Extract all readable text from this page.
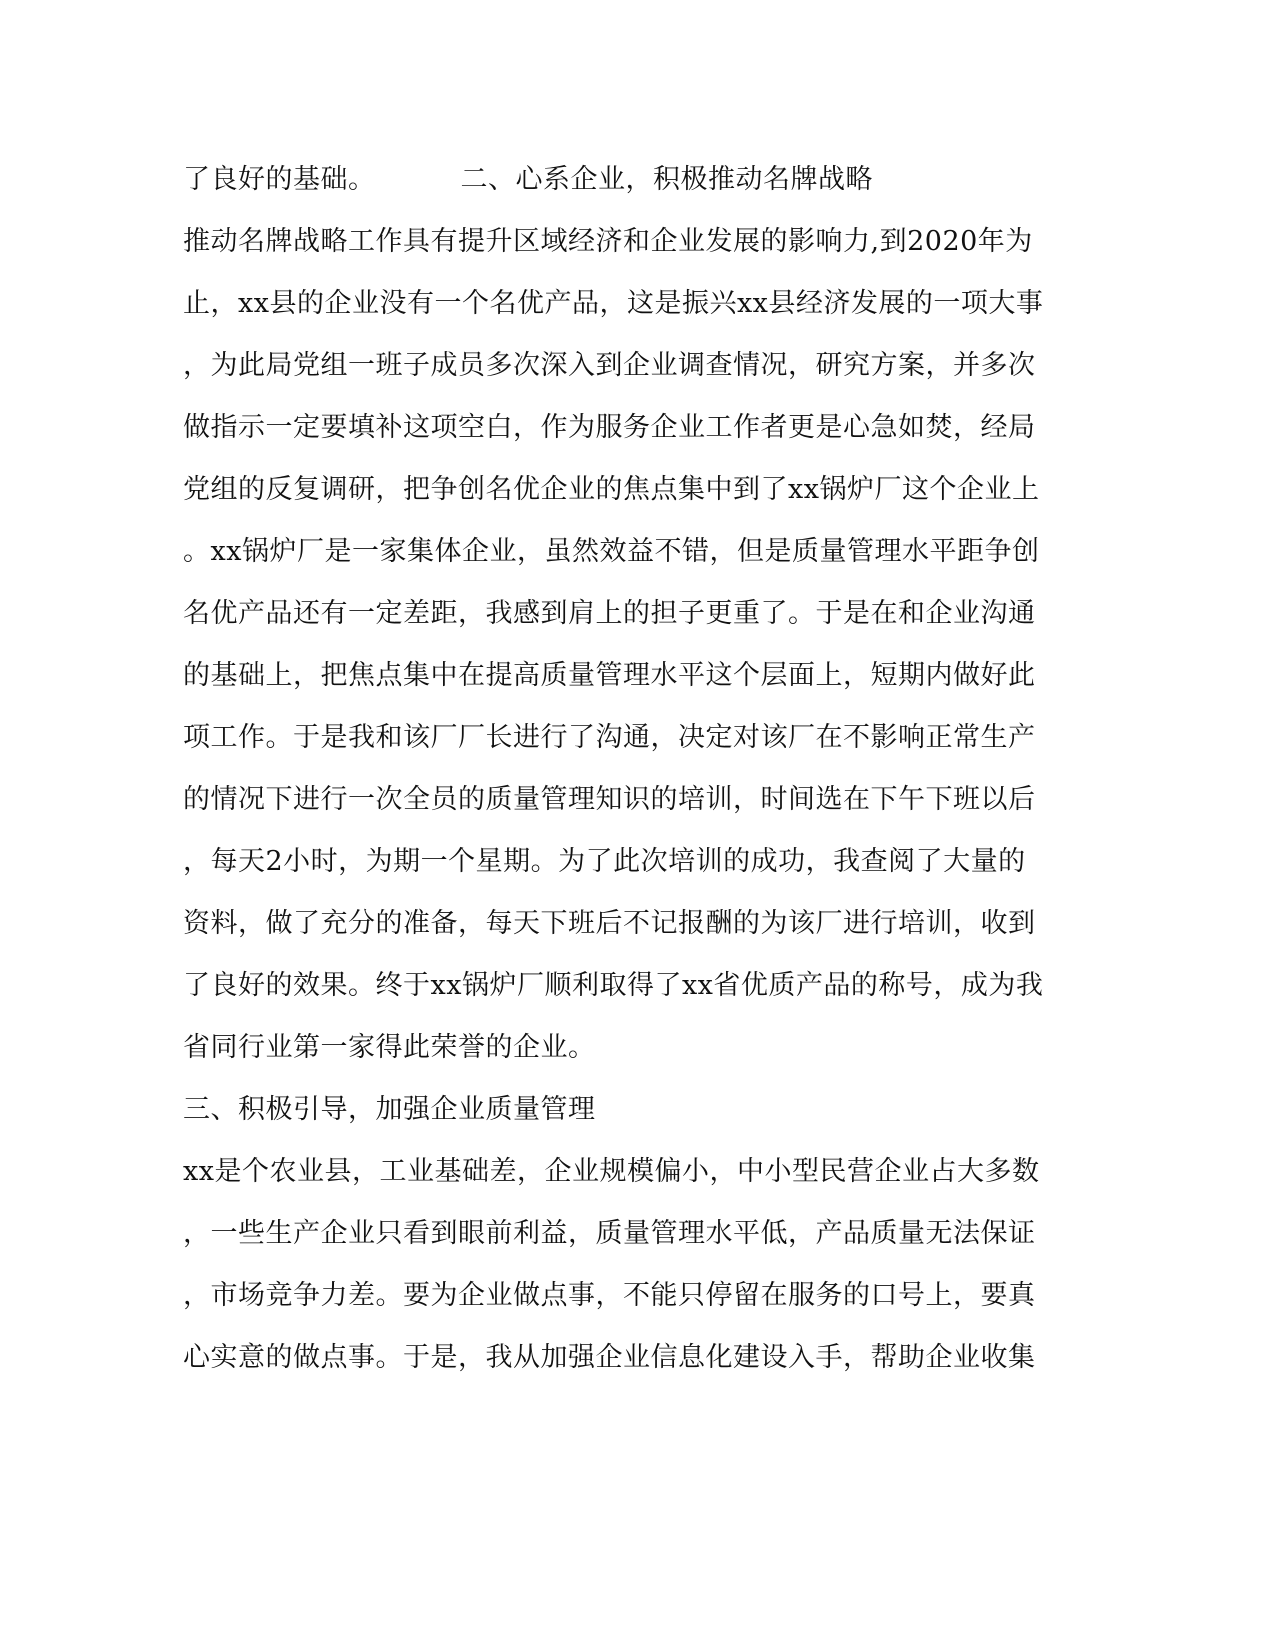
了良好的基础。	二、心系企业，积极推动名牌战略
推动名牌战略工作具有提升区域经济和企业发展的影响力,到2020年为
止，xx县的企业没有一个名优产品，这是振兴xx县经济发展的一项大事
，为此局党组一班子成员多次深入到企业调查情况，研究方案，并多次
做指示一定要填补这项空白，作为服务企业工作者更是心急如焚，经局
党组的反复调研，把争创名优企业的焦点集中到了xx锅炉厂这个企业上
。xx锅炉厂是一家集体企业，虽然效益不错，但是质量管理水平距争创
名优产品还有一定差距，我感到肩上的担子更重了。于是在和企业沟通
的基础上，把焦点集中在提高质量管理水平这个层面上，短期内做好此
项工作。于是我和该厂厂长进行了沟通，决定对该厂在不影响正常生产
的情况下进行一次全员的质量管理知识的培训，时间选在下午下班以后
，每天2小时，为期一个星期。为了此次培训的成功，我查阅了大量的
资料，做了充分的准备，每天下班后不记报酬的为该厂进行培训，收到
了良好的效果。终于xx锅炉厂顺利取得了xx省优质产品的称号，成为我
省同行业第一家得此荣誉的企业。
三、积极引导，加强企业质量管理
xx是个农业县，工业基础差，企业规模偏小，中小型民营企业占大多数
，一些生产企业只看到眼前利益，质量管理水平低，产品质量无法保证
，市场竞争力差。要为企业做点事，不能只停留在服务的口号上，要真
心实意的做点事。于是，我从加强企业信息化建设入手，帮助企业收集
